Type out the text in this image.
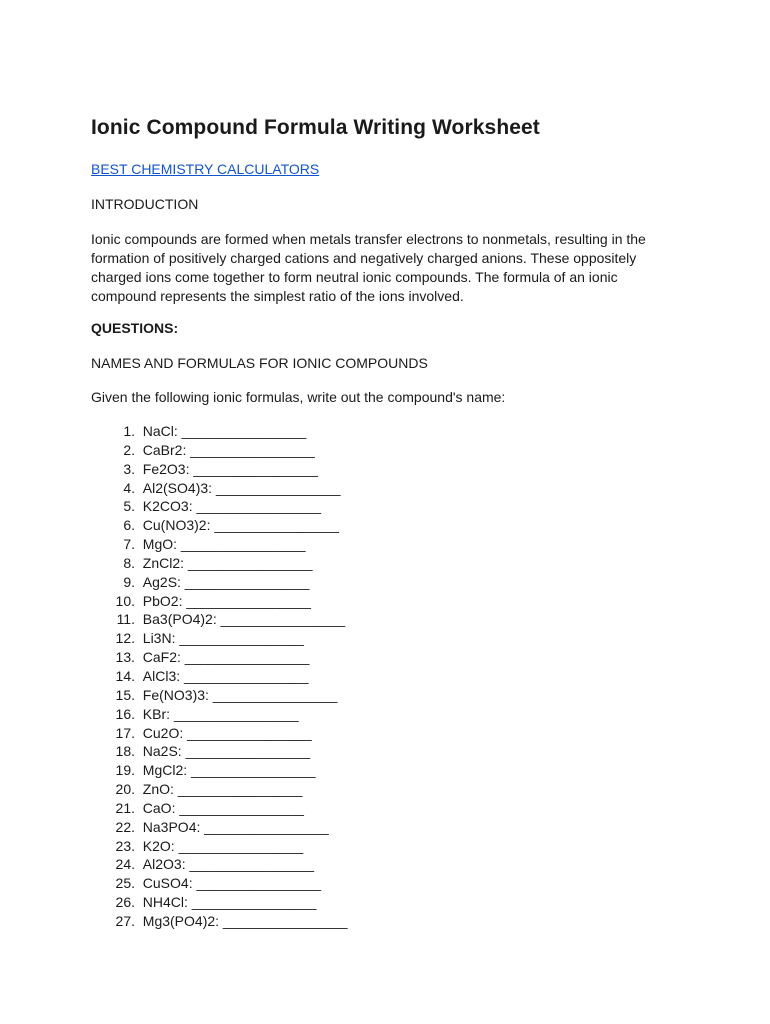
Ionic Compound Formula Writing Worksheet
BEST CHEMISTRY CALCULATORS
INTRODUCTION
Ionic compounds are formed when metals transfer electrons to nonmetals, resulting in the
formation of positively charged cations and negatively charged anions. These oppositely
charged ions come together to form neutral ionic compounds. The formula of an ionic
compound represents the simplest ratio of the ions involved.
QUESTIONS:
NAMES AND FORMULAS FOR IONIC COMPOUNDS
Given the following ionic formulas, write out the compound's name:
1. NaCl: ________________
2. CaBr2: ________________
3. Fe2O3: ________________
4. Al2(SO4)3: ________________
5. K2CO3: ________________
6. Cu(NO3)2: ________________
7. MgO: ________________
8. ZnCl2: ________________
9. Ag2S: ________________
10. PbO2: ________________
11. Ba3(PO4)2: ________________
12. Li3N: ________________
13. CaF2: ________________
14. AlCl3: ________________
15. Fe(NO3)3: ________________
16. KBr: ________________
17. Cu2O: ________________
18. Na2S: ________________
19. MgCl2: ________________
20. ZnO: ________________
21. CaO: ________________
22. Na3PO4: ________________
23. K2O: ________________
24. Al2O3: ________________
25. CuSO4: ________________
26. NH4Cl: ________________
27. Mg3(PO4)2: ________________
